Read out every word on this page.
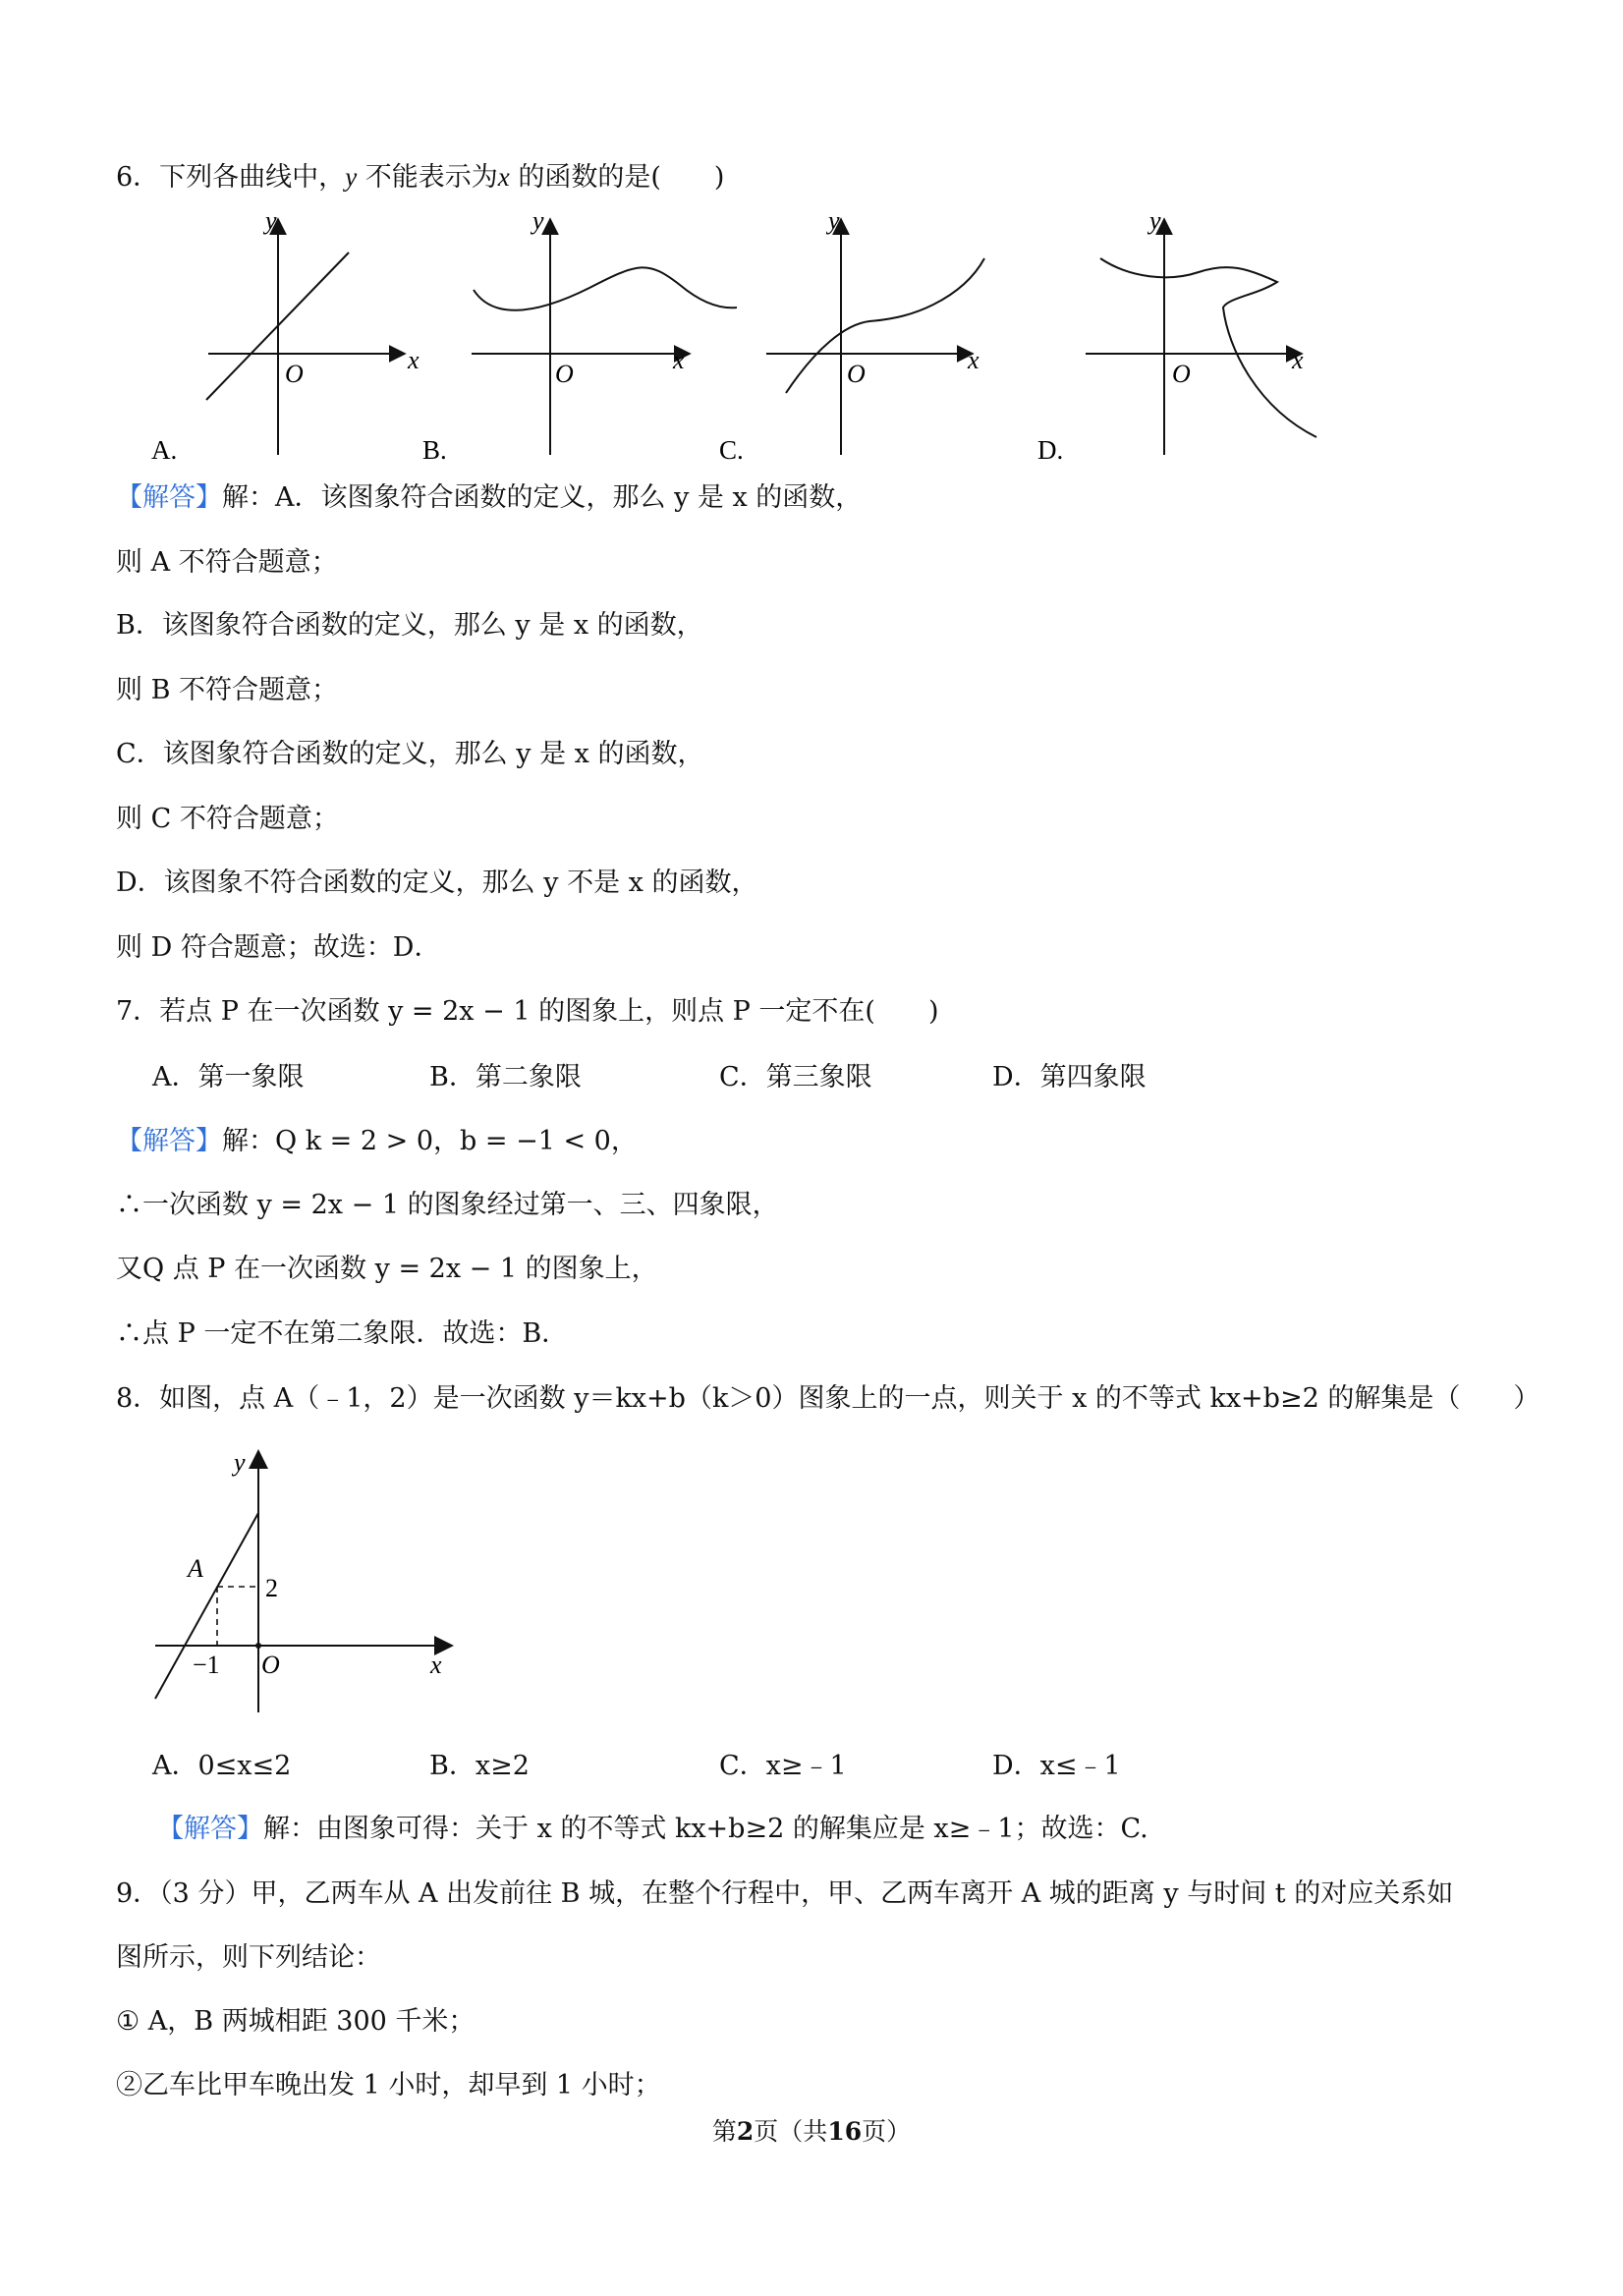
6．下列各曲线中，y 不能表示为x 的函数的是(　　)
y
x
O
A.
y
x
O
B.
y
x
O
C.
y
x
O
D.
【解答】解：A．该图象符合函数的定义，那么 y 是 x 的函数，
则 A 不符合题意；
B．该图象符合函数的定义，那么 y 是 x 的函数，
则 B 不符合题意；
C．该图象符合函数的定义，那么 y 是 x 的函数，
则 C 不符合题意；
D．该图象不符合函数的定义，那么 y 不是 x 的函数，
则 D 符合题意；故选：D．
7．若点 P 在一次函数 y = 2x − 1 的图象上，则点 P 一定不在(　　)
A．第一象限	B．第二象限	C．第三象限	D．第四象限
【解答】解：Q k = 2 > 0，b = −1 < 0，
∴一次函数 y = 2x − 1 的图象经过第一、三、四象限，
又Q 点 P 在一次函数 y = 2x − 1 的图象上，
∴点 P 一定不在第二象限．故选：B．
8．如图，点 A（﹣1，2）是一次函数 y＝kx+b（k＞0）图象上的一点，则关于 x 的不等式 kx+b≥2 的解集是（　　）
y
x
O
A
2
−1
A．0≤x≤2	B．x≥2	C．x≥﹣1	D．x≤﹣1
【解答】解：由图象可得：关于 x 的不等式 kx+b≥2 的解集应是 x≥﹣1；故选：C.
9．（3 分）甲，乙两车从 A 出发前往 B 城，在整个行程中，甲、乙两车离开 A 城的距离 y 与时间 t 的对应关系如
图所示，则下列结论：
① A，B 两城相距 300 千米；
②乙车比甲车晚出发 1 小时，却早到 1 小时；
第2页（共16页）
